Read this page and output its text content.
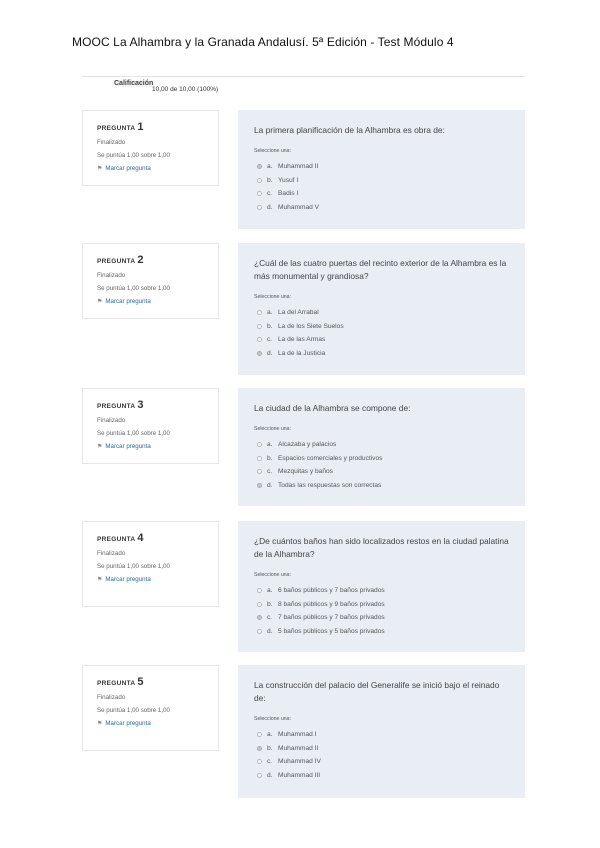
MOOC La Alhambra y la Granada Andalusí. 5ª Edición - Test Módulo 4
Calificación
10,00 de 10,00 (100%)
PREGUNTA 1
Finalizado
Se puntúa 1,00 sobre 1,00
⚑ Marcar pregunta
La primera planificación de la Alhambra es obra de:
Seleccione una:
a. Muhammad II
b. Yusuf I
c. Badis I
d. Muhammad V
PREGUNTA 2
Finalizado
Se puntúa 1,00 sobre 1,00
⚑ Marcar pregunta
¿Cuál de las cuatro puertas del recinto exterior de la Alhambra es la más monumental y grandiosa?
Seleccione una:
a. La del Arrabal
b. La de los Siete Suelos
c. La de las Armas
d. La de la Justicia
PREGUNTA 3
Finalizado
Se puntúa 1,00 sobre 1,00
⚑ Marcar pregunta
La ciudad de la Alhambra se compone de:
Seleccione una:
a. Alcazaba y palacios
b. Espacios comerciales y productivos
c. Mezquitas y baños
d. Todas las respuestas son correctas
PREGUNTA 4
Finalizado
Se puntúa 1,00 sobre 1,00
⚑ Marcar pregunta
¿De cuántos baños han sido localizados restos en la ciudad palatina de la Alhambra?
Seleccione una:
a. 6 baños públicos y 7 baños privados
b. 8 baños públicos y 9 baños privados
c. 7 baños públicos y 7 baños privados
d. 5 baños públicos y 5 baños privados
PREGUNTA 5
Finalizado
Se puntúa 1,00 sobre 1,00
⚑ Marcar pregunta
La construcción del palacio del Generalife se inició bajo el reinado de:
Seleccione una:
a. Muhammad I
b. Muhammad II
c. Muhammad IV
d. Muhammad III
